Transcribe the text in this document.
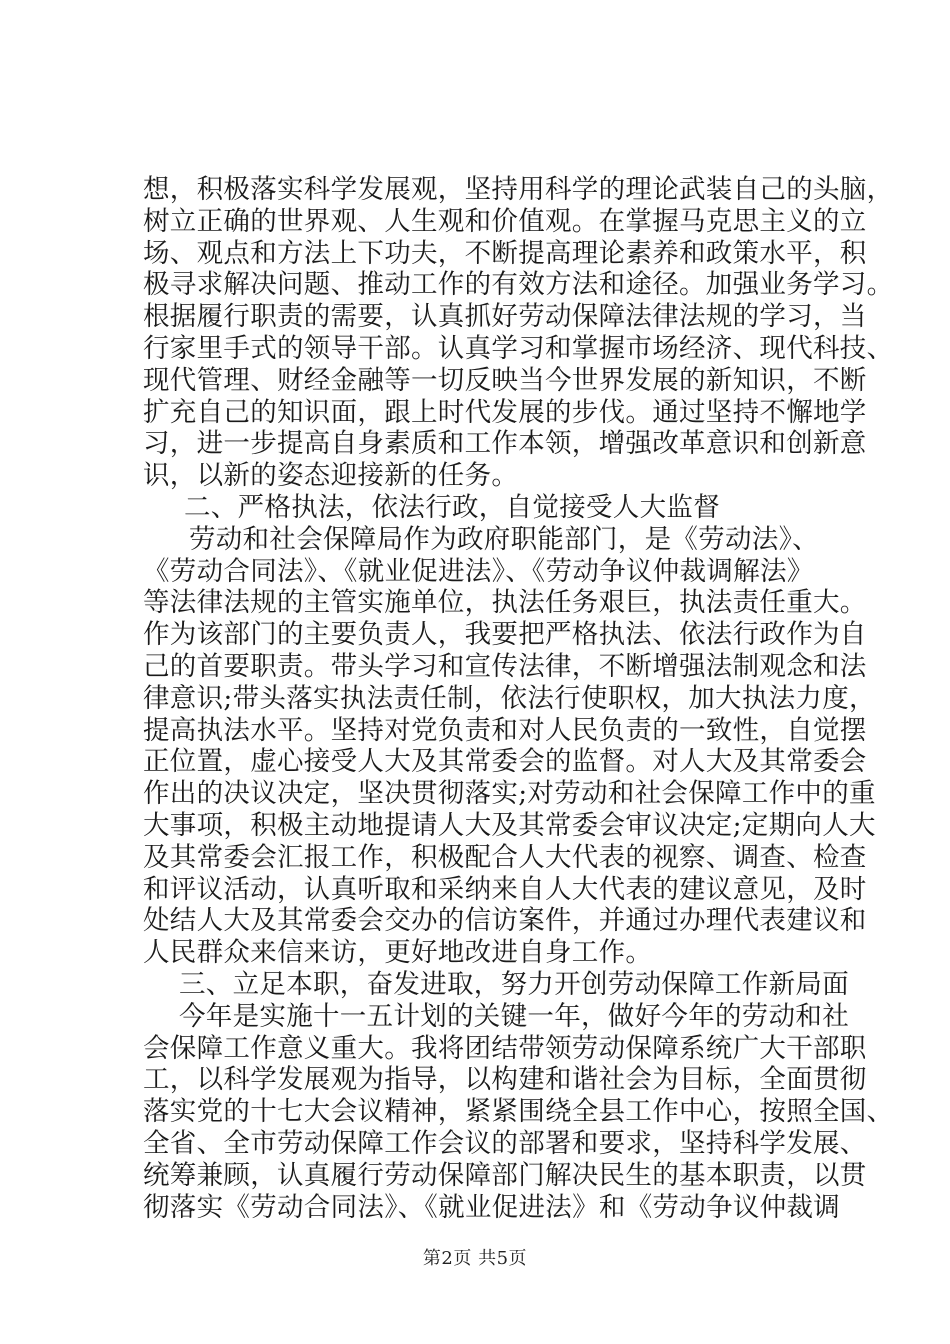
想，积极落实科学发展观，坚持用科学的理论武装自己的头脑，
树立正确的世界观、人生观和价值观。在掌握马克思主义的立
场、观点和方法上下功夫，不断提高理论素养和政策水平，积
极寻求解决问题、推动工作的有效方法和途径。加强业务学习。
根据履行职责的需要，认真抓好劳动保障法律法规的学习，当
行家里手式的领导干部。认真学习和掌握市场经济、现代科技、
现代管理、财经金融等一切反映当今世界发展的新知识，不断
扩充自己的知识面，跟上时代发展的步伐。通过坚持不懈地学
习，进一步提高自身素质和工作本领，增强改革意识和创新意
识，以新的姿态迎接新的任务。
二、严格执法，依法行政，自觉接受人大监督
劳动和社会保障局作为政府职能部门，是《劳动法》、
《劳动合同法》、《就业促进法》、《劳动争议仲裁调解法》
等法律法规的主管实施单位，执法任务艰巨，执法责任重大。
作为该部门的主要负责人，我要把严格执法、依法行政作为自
己的首要职责。带头学习和宣传法律，不断增强法制观念和法
律意识;带头落实执法责任制，依法行使职权，加大执法力度，
提高执法水平。坚持对党负责和对人民负责的一致性，自觉摆
正位置，虚心接受人大及其常委会的监督。对人大及其常委会
作出的决议决定，坚决贯彻落实;对劳动和社会保障工作中的重
大事项，积极主动地提请人大及其常委会审议决定;定期向人大
及其常委会汇报工作，积极配合人大代表的视察、调查、检查
和评议活动，认真听取和采纳来自人大代表的建议意见，及时
处结人大及其常委会交办的信访案件，并通过办理代表建议和
人民群众来信来访，更好地改进自身工作。
三、立足本职，奋发进取，努力开创劳动保障工作新局面
今年是实施十一五计划的关键一年，做好今年的劳动和社
会保障工作意义重大。我将团结带领劳动保障系统广大干部职
工，以科学发展观为指导，以构建和谐社会为目标，全面贯彻
落实党的十七大会议精神，紧紧围绕全县工作中心，按照全国、
全省、全市劳动保障工作会议的部署和要求，坚持科学发展、
统筹兼顾，认真履行劳动保障部门解决民生的基本职责，以贯
彻落实《劳动合同法》、《就业促进法》和《劳动争议仲裁调
第2页 共5页
